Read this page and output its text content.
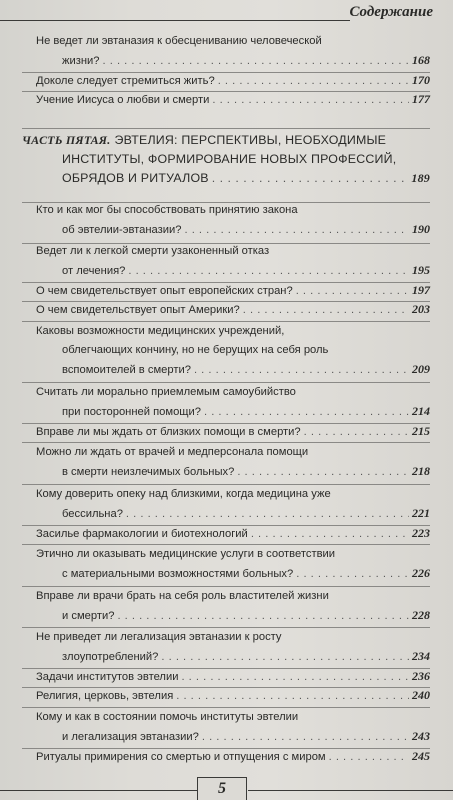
Содержание
Не ведет ли эвтаназия к обесцениванию человеческой
жизни? . . .	168
Доколе следует стремиться жить? . . .	170
Учение Иисуса о любви и смерти . . .	177
ЧАСТЬ ПЯТАЯ. ЭВТЕЛИЯ: ПЕРСПЕКТИВЫ, НЕОБХОДИМЫЕ
ИНСТИТУТЫ, ФОРМИРОВАНИЕ НОВЫХ ПРОФЕССИЙ,
ОБРЯДОВ И РИТУАЛОВ . . .	189
Кто и как мог бы способствовать принятию закона
об эвтелии-эвтаназии? . . .	190
Ведет ли к легкой смерти узаконенный отказ
от лечения? . . .	195
О чем свидетельствует опыт европейских стран? . . .	197
О чем свидетельствует опыт Америки? . . .	203
Каковы возможности медицинских учреждений,
облегчающих кончину, но не берущих на себя роль
вспомоителей в смерти? . . .	209
Считать ли морально приемлемым самоубийство
при посторонней помощи? . . .	214
Вправе ли мы ждать от близких помощи в смерти? . . .	215
Можно ли ждать от врачей и медперсонала помощи
в смерти неизлечимых больных? . . .	218
Кому доверить опеку над близкими, когда медицина уже
бессильна? . . .	221
Засилье фармакологии и биотехнологий . . .	223
Этично ли оказывать медицинские услуги в соответствии
с материальными возможностями больных? . . .	226
Вправе ли врачи брать на себя роль властителей жизни
и смерти? . . .	228
Не приведет ли легализация эвтаназии к росту
злоупотреблений? . . .	234
Задачи институтов эвтелии . . .	236
Религия, церковь, эвтелия . . .	240
Кому и как в состоянии помочь институты эвтелии
и легализация эвтаназии? . . .	243
Ритуалы примирения со смертью и отпущения с миром . . .	245
5
